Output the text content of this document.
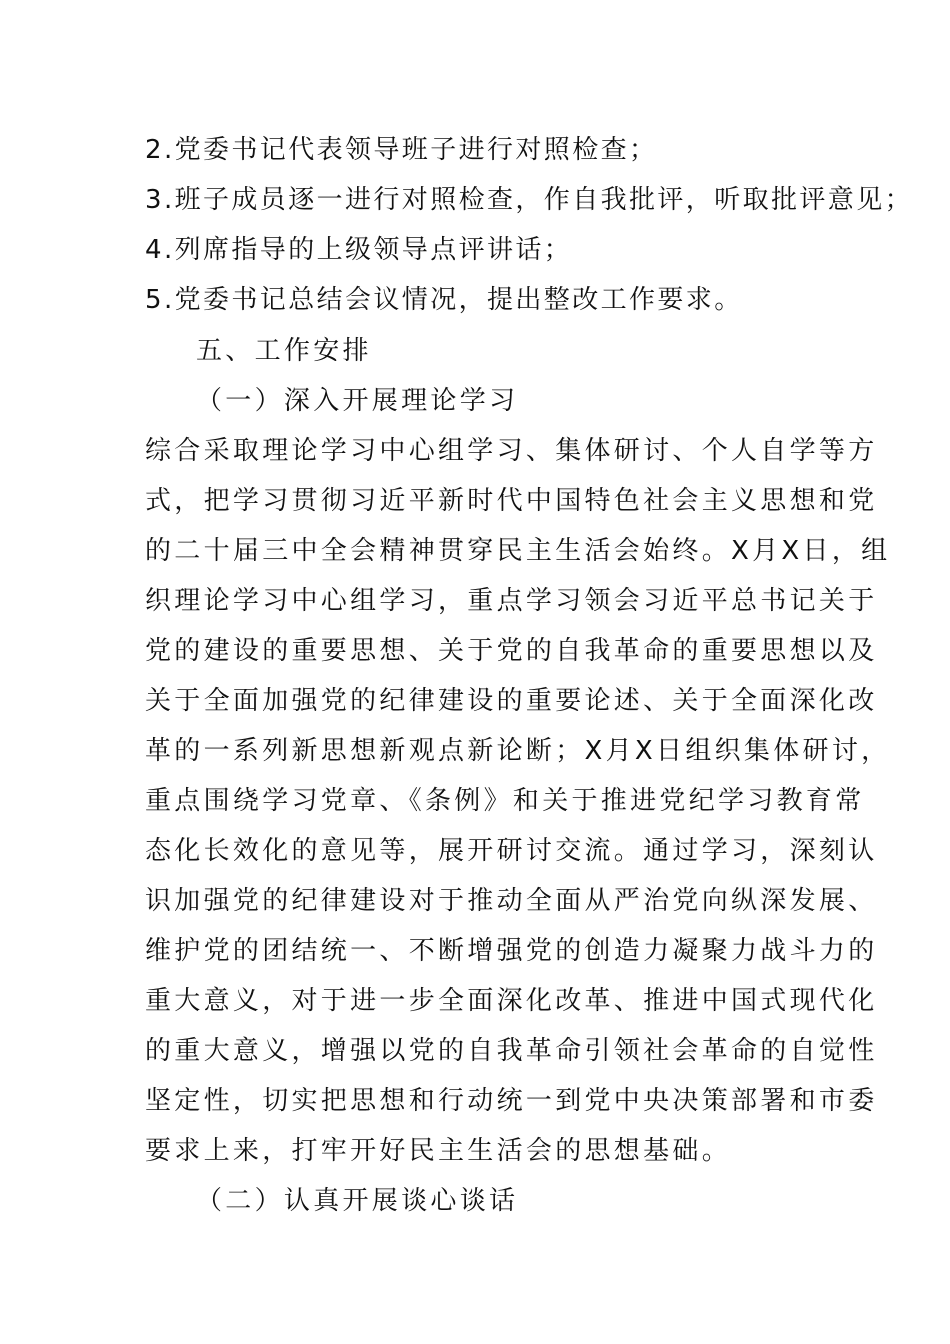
2.党委书记代表领导班子进行对照检查；
3.班子成员逐一进行对照检查，作自我批评，听取批评意见；
4.列席指导的上级领导点评讲话；
5.党委书记总结会议情况，提出整改工作要求。
五、工作安排
（一）深入开展理论学习
综合采取理论学习中心组学习、集体研讨、个人自学等方
式，把学习贯彻习近平新时代中国特色社会主义思想和党
的二十届三中全会精神贯穿民主生活会始终。X月X日，组
织理论学习中心组学习，重点学习领会习近平总书记关于
党的建设的重要思想、关于党的自我革命的重要思想以及
关于全面加强党的纪律建设的重要论述、关于全面深化改
革的一系列新思想新观点新论断；X月X日组织集体研讨，
重点围绕学习党章、《条例》和关于推进党纪学习教育常
态化长效化的意见等，展开研讨交流。通过学习，深刻认
识加强党的纪律建设对于推动全面从严治党向纵深发展、
维护党的团结统一、不断增强党的创造力凝聚力战斗力的
重大意义，对于进一步全面深化改革、推进中国式现代化
的重大意义，增强以党的自我革命引领社会革命的自觉性
坚定性，切实把思想和行动统一到党中央决策部署和市委
要求上来，打牢开好民主生活会的思想基础。
（二）认真开展谈心谈话
